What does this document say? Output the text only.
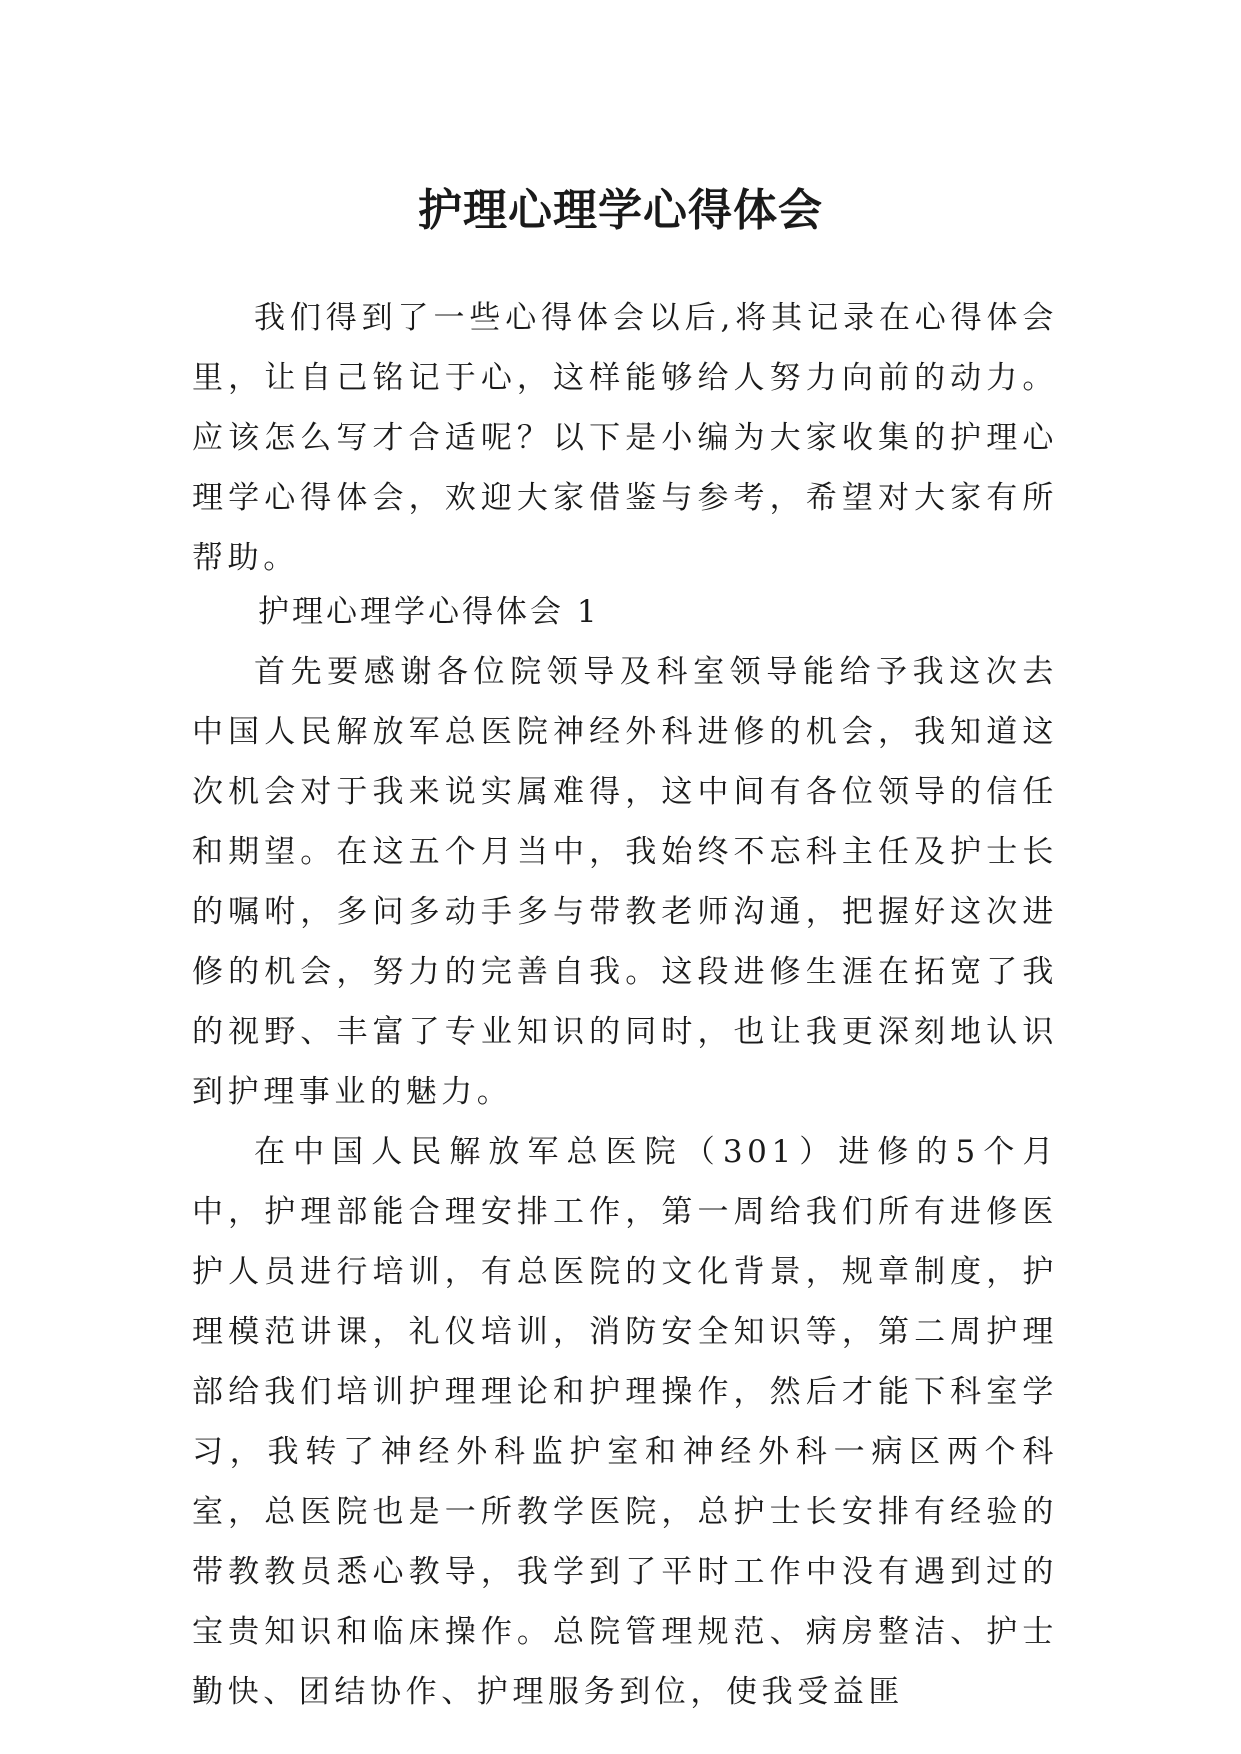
护理心理学心得体会

我们得到了一些心得体会以后,将其记录在心得体会里，让自己铭记于心，这样能够给人努力向前的动力。应该怎么写才合适呢？以下是小编为大家收集的护理心理学心得体会，欢迎大家借鉴与参考，希望对大家有所帮助。

护理心理学心得体会 1

首先要感谢各位院领导及科室领导能给予我这次去中国人民解放军总医院神经外科进修的机会，我知道这次机会对于我来说实属难得，这中间有各位领导的信任和期望。在这五个月当中，我始终不忘科主任及护士长的嘱咐，多问多动手多与带教老师沟通，把握好这次进修的机会，努力的完善自我。这段进修生涯在拓宽了我的视野、丰富了专业知识的同时，也让我更深刻地认识到护理事业的魅力。

在中国人民解放军总医院（301）进修的5个月中，护理部能合理安排工作，第一周给我们所有进修医护人员进行培训，有总医院的文化背景，规章制度，护理模范讲课，礼仪培训，消防安全知识等，第二周护理部给我们培训护理理论和护理操作，然后才能下科室学习，我转了神经外科监护室和神经外科一病区两个科室，总医院也是一所教学医院，总护士长安排有经验的带教教员悉心教导，我学到了平时工作中没有遇到过的宝贵知识和临床操作。总院管理规范、病房整洁、护士勤快、团结协作、护理服务到位，使我受益匪
